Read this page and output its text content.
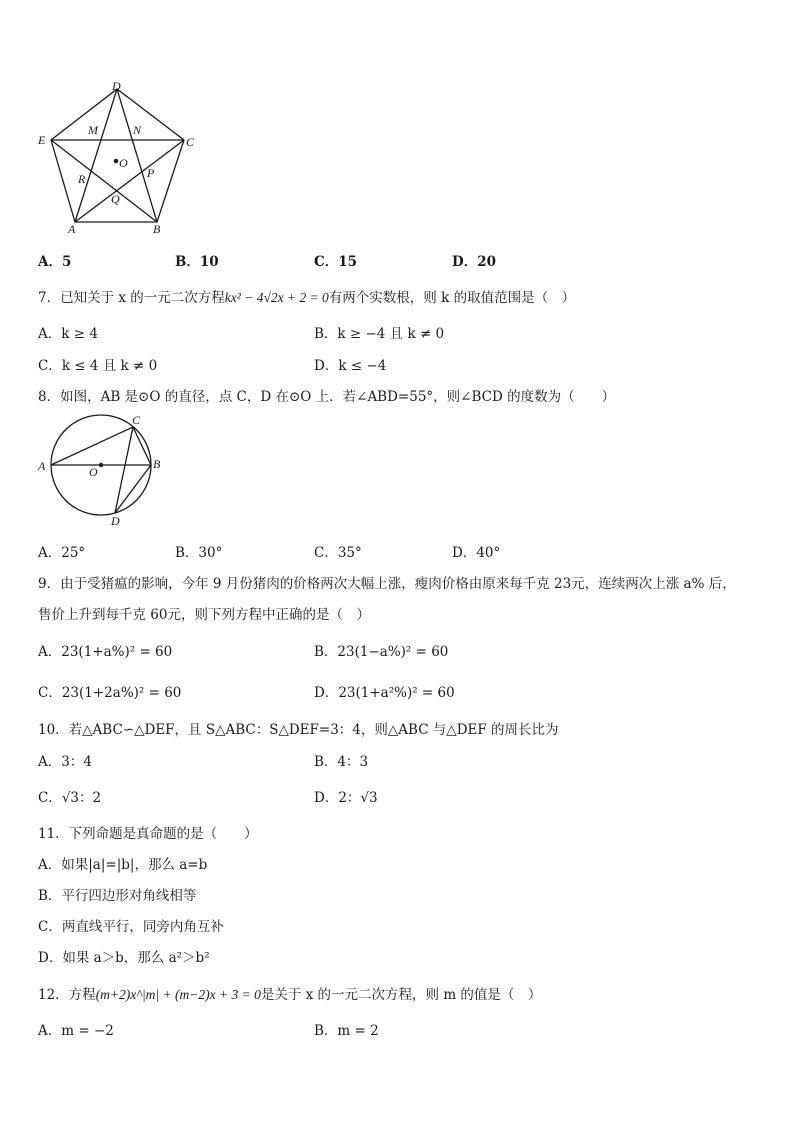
D
E	C
M	N
O
R	P
Q
A	B
A．5	B．10	C．15	D．20
7．已知关于 x 的一元二次方程kx² − 4√2x + 2 = 0有两个实数根，则 k 的取值范围是（　）
A．k ≥ 4	B．k ≥ −4 且 k ≠ 0
C．k ≤ 4 且 k ≠ 0	D．k ≤ −4
8．如图，AB 是⊙O 的直径，点 C，D 在⊙O 上．若∠ABD=55°，则∠BCD 的度数为（　　）
A	B
C
D
O
A．25°	B．30°	C．35°	D．40°
9．由于受猪瘟的影响，今年 9 月份猪肉的价格两次大幅上涨，瘦肉价格由原来每千克 23元，连续两次上涨 a% 后，
售价上升到每千克 60元，则下列方程中正确的是（　）
A．23(1+a%)² = 60	B．23(1−a%)² = 60
C．23(1+2a%)² = 60	D．23(1+a²%)² = 60
10．若△ABC∽△DEF，且 S△ABC：S△DEF=3：4，则△ABC 与△DEF 的周长比为
A．3：4	B．4：3
C．√3：2	D．2：√3
11．下列命题是真命题的是（　　）
A．如果|a|=|b|，那么 a=b
B．平行四边形对角线相等
C．两直线平行，同旁内角互补
D．如果 a＞b，那么 a²＞b²
12．方程(m+2)x^|m| + (m−2)x + 3 = 0是关于 x 的一元二次方程，则 m 的值是（　）
A．m = −2	B．m = 2
